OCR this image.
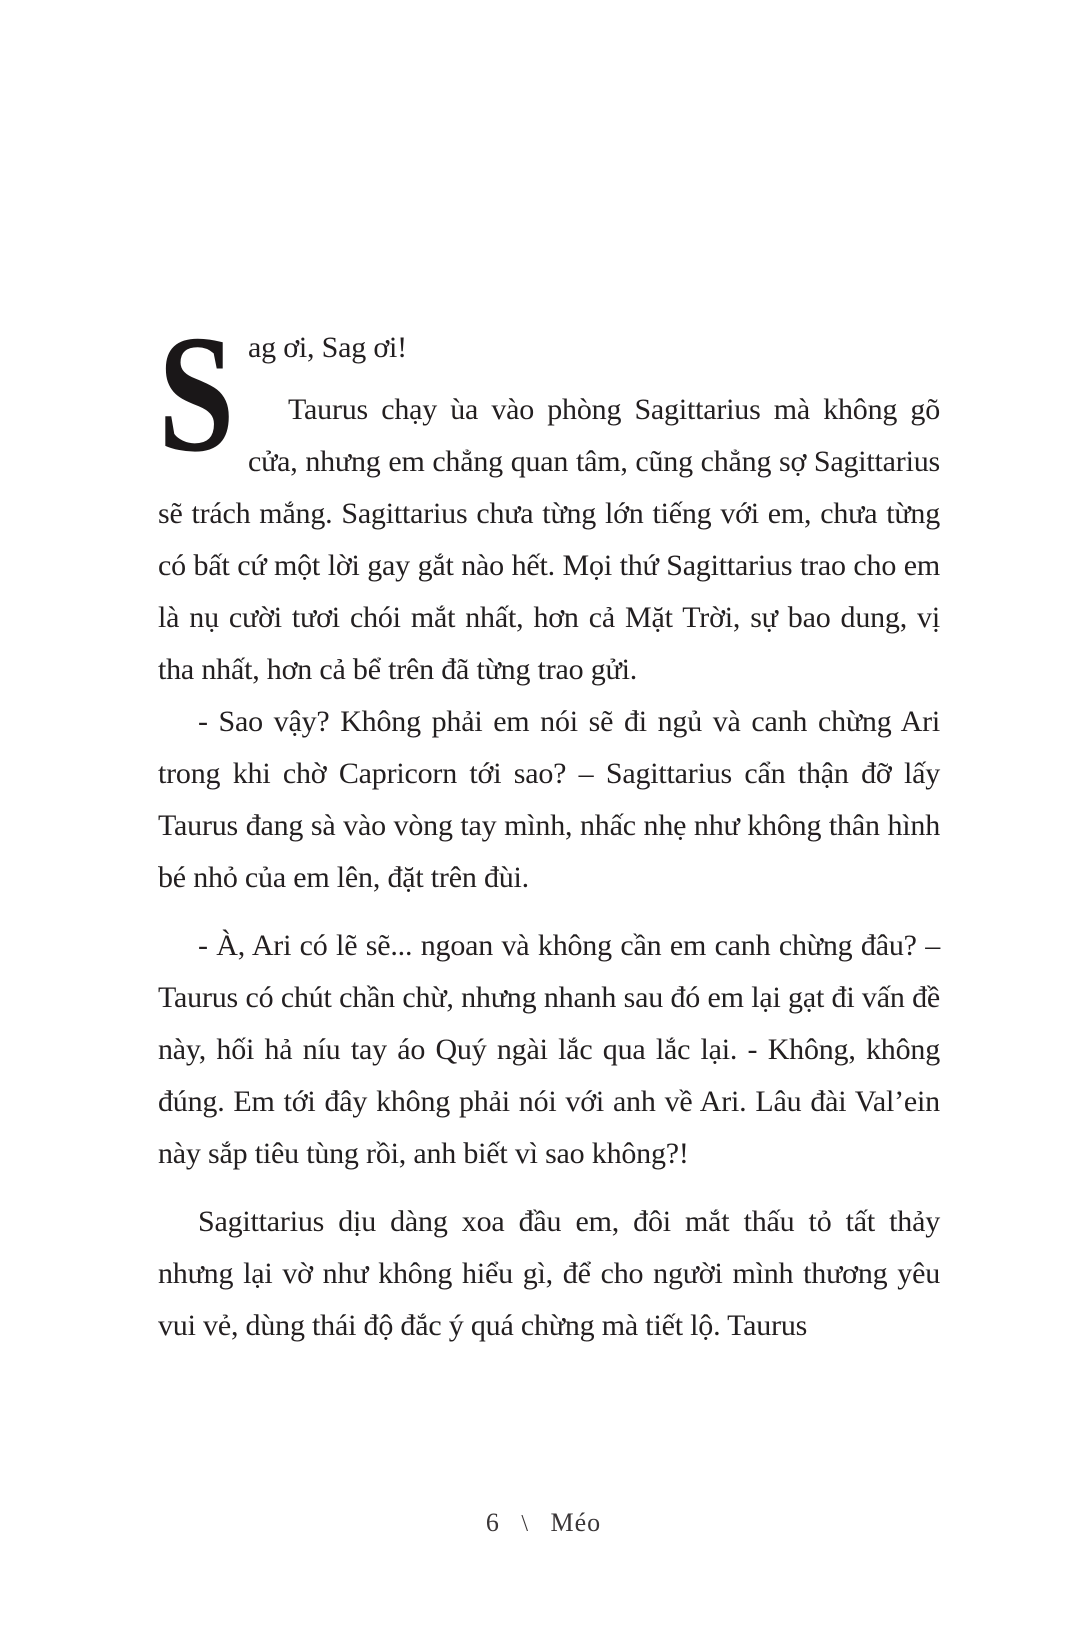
S ag ơi, Sag ơi!

Taurus chạy ùa vào phòng Sagittarius mà không gõ cửa, nhưng em chẳng quan tâm, cũng chẳng sợ Sagittarius sẽ trách mắng. Sagittarius chưa từng lớn tiếng với em, chưa từng có bất cứ một lời gay gắt nào hết. Mọi thứ Sagittarius trao cho em là nụ cười tươi chói mắt nhất, hơn cả Mặt Trời, sự bao dung, vị tha nhất, hơn cả bể trên đã từng trao gửi.

- Sao vậy? Không phải em nói sẽ đi ngủ và canh chừng Ari trong khi chờ Capricorn tới sao? – Sagittarius cẩn thận đỡ lấy Taurus đang sà vào vòng tay mình, nhấc nhẹ như không thân hình bé nhỏ của em lên, đặt trên đùi.

- À, Ari có lẽ sẽ... ngoan và không cần em canh chừng đâu? – Taurus có chút chần chừ, nhưng nhanh sau đó em lại gạt đi vấn đề này, hối hả níu tay áo Quý ngài lắc qua lắc lại. - Không, không đúng. Em tới đây không phải nói với anh về Ari. Lâu đài Val’ein này sắp tiêu tùng rồi, anh biết vì sao không?!

Sagittarius dịu dàng xoa đầu em, đôi mắt thấu tỏ tất thảy nhưng lại vờ như không hiểu gì, để cho người mình thương yêu vui vẻ, dùng thái độ đắc ý quá chừng mà tiết lộ. Taurus

6 \ Méo
